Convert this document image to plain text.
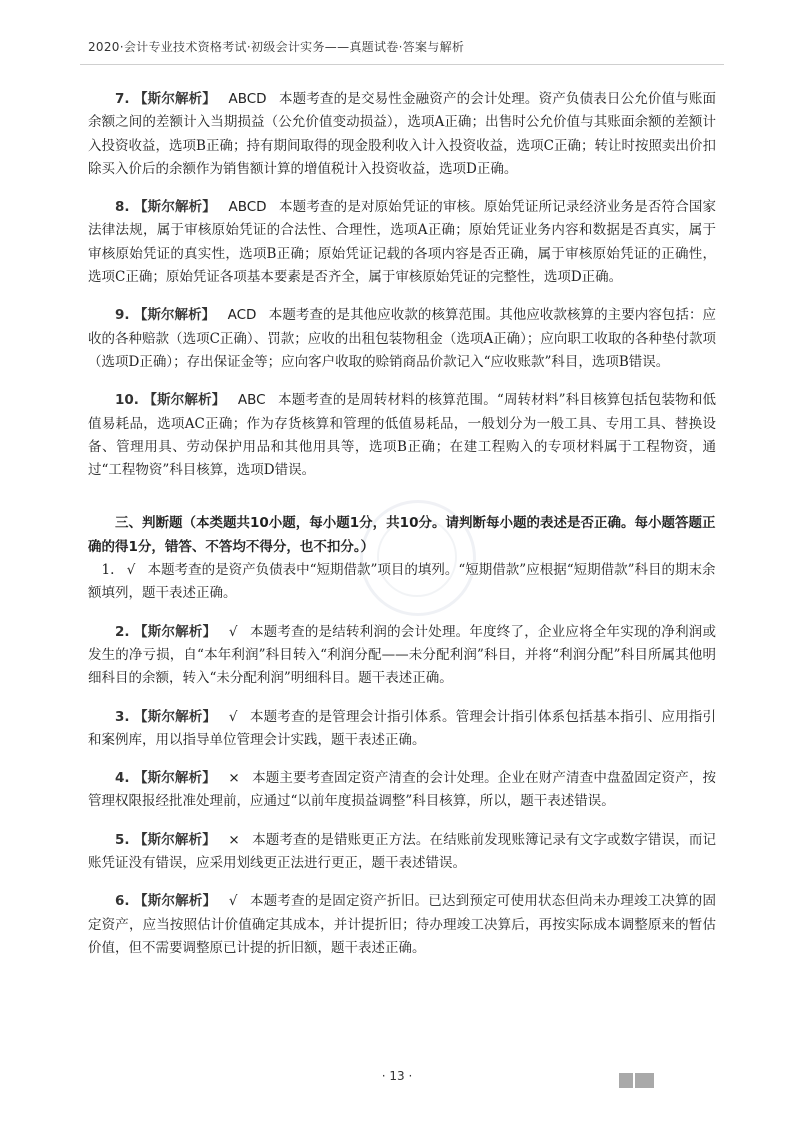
2020·会计专业技术资格考试·初级会计实务——真题试卷·答案与解析

7. 【斯尔解析】 ABCD 本题考查的是交易性金融资产的会计处理。资产负债表日公允价值与账面余额之间的差额计入当期损益（公允价值变动损益），选项A正确；出售时公允价值与其账面余额的差额计入投资收益，选项B正确；持有期间取得的现金股利收入计入投资收益，选项C正确；转让时按照卖出价扣除买入价后的余额作为销售额计算的增值税计入投资收益，选项D正确。

8. 【斯尔解析】 ABCD 本题考查的是对原始凭证的审核。原始凭证所记录经济业务是否符合国家法律法规，属于审核原始凭证的合法性、合理性，选项A正确；原始凭证业务内容和数据是否真实，属于审核原始凭证的真实性，选项B正确；原始凭证记载的各项内容是否正确，属于审核原始凭证的正确性，选项C正确；原始凭证各项基本要素是否齐全，属于审核原始凭证的完整性，选项D正确。

9. 【斯尔解析】 ACD 本题考查的是其他应收款的核算范围。其他应收款核算的主要内容包括：应收的各种赔款（选项C正确）、罚款；应收的出租包装物租金（选项A正确）；应向职工收取的各种垫付款项（选项D正确）；存出保证金等；应向客户收取的赊销商品价款记入“应收账款”科目，选项B错误。

10. 【斯尔解析】 ABC 本题考查的是周转材料的核算范围。“周转材料”科目核算包括包装物和低值易耗品，选项AC正确；作为存货核算和管理的低值易耗品，一般划分为一般工具、专用工具、替换设备、管理用具、劳动保护用品和其他用具等，选项B正确；在建工程购入的专项材料属于工程物资，通过“工程物资”科目核算，选项D错误。

三、判断题（本类题共10小题，每小题1分，共10分。请判断每小题的表述是否正确。每小题答题正确的得1分，错答、不答均不得分，也不扣分。）

1. √ 本题考查的是资产负债表中“短期借款”项目的填列。“短期借款”应根据“短期借款”科目的期末余额填列，题干表述正确。

2. 【斯尔解析】 √ 本题考查的是结转利润的会计处理。年度终了，企业应将全年实现的净利润或发生的净亏损，自“本年利润”科目转入“利润分配——未分配利润”科目，并将“利润分配”科目所属其他明细科目的余额，转入“未分配利润”明细科目。题干表述正确。

3. 【斯尔解析】 √ 本题考查的是管理会计指引体系。管理会计指引体系包括基本指引、应用指引和案例库，用以指导单位管理会计实践，题干表述正确。

4. 【斯尔解析】 × 本题主要考查固定资产清查的会计处理。企业在财产清查中盘盈固定资产，按管理权限报经批准处理前，应通过“以前年度损益调整”科目核算，所以，题干表述错误。

5. 【斯尔解析】 × 本题考查的是错账更正方法。在结账前发现账簿记录有文字或数字错误，而记账凭证没有错误，应采用划线更正法进行更正，题干表述错误。

6. 【斯尔解析】 √ 本题考查的是固定资产折旧。已达到预定可使用状态但尚未办理竣工决算的固定资产，应当按照估计价值确定其成本，并计提折旧；待办理竣工决算后，再按实际成本调整原来的暂估价值，但不需要调整原已计提的折旧额，题干表述正确。

· 13 ·
